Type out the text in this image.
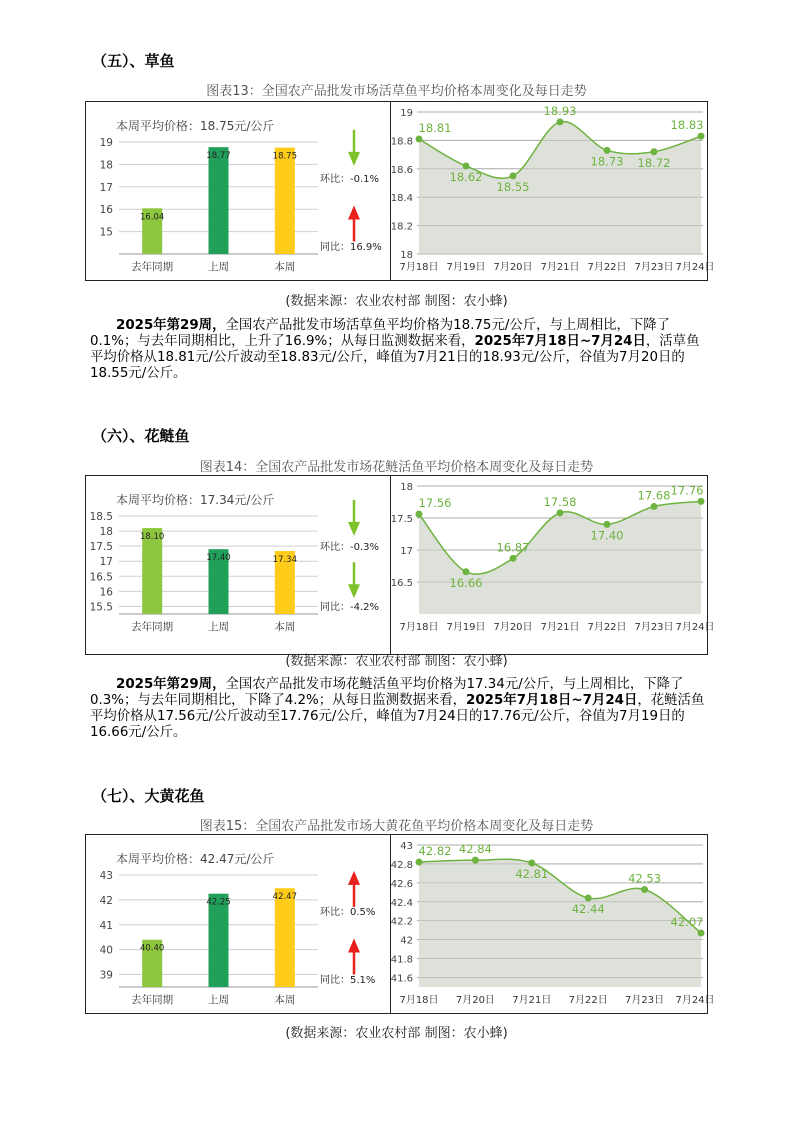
（五）、草鱼
图表13：全国农产品批发市场活草鱼平均价格本周变化及每日走势
本周平均价格：18.75元/公斤
15
16
17
18
19
16.04
去年同期
18.77
上周
18.75
本周
环比：-0.1%
同比：16.9%
18
18.2
18.4
18.6
18.8
19
18.81
18.62
18.55
18.93
18.73 18.72
18.83
7月18日 7月19日 7月20日 7月21日 7月22日 7月23日 7月24日
(数据来源：农业农村部 制图：农小蜂)
2025年第29周，全国农产品批发市场活草鱼平均价格为18.75元/公斤，与上周相比，下降了0.1%；与去年同期相比，上升了16.9%；从每日监测数据来看，2025年7月18日~7月24日，活草鱼平均价格从18.81元/公斤波动至18.83元/公斤，峰值为7月21日的18.93元/公斤，谷值为7月20日的18.55元/公斤。
（六）、花鲢鱼
图表14：全国农产品批发市场花鲢活鱼平均价格本周变化及每日走势
本周平均价格：17.34元/公斤
15.5
16
16.5
17
17.5
18
18.5
18.10
去年同期
17.40
上周
17.34
本周
环比：-0.3%
同比：-4.2%
16.5
17
17.5
18
17.56
16.66
16.87
17.58
17.40
17.68 17.76
7月18日 7月19日 7月20日 7月21日 7月22日 7月23日 7月24日
(数据来源：农业农村部 制图：农小蜂)
2025年第29周，全国农产品批发市场花鲢活鱼平均价格为17.34元/公斤，与上周相比，下降了0.3%；与去年同期相比，下降了4.2%；从每日监测数据来看，2025年7月18日~7月24日，花鲢活鱼平均价格从17.56元/公斤波动至17.76元/公斤，峰值为7月24日的17.76元/公斤，谷值为7月19日的16.66元/公斤。
（七）、大黄花鱼
图表15：全国农产品批发市场大黄花鱼平均价格本周变化及每日走势
本周平均价格：42.47元/公斤
39
40
41
42
43
40.40
去年同期
42.25
上周
42.47
本周
环比：0.5%
同比：5.1% 41.6
41.8
42
42.2
42.4
42.6
42.8
43 42.82 42.84
42.81
42.44
42.53
42.07
7月18日 7月20日 7月21日 7月22日 7月23日 7月24日
(数据来源：农业农村部 制图：农小蜂)
